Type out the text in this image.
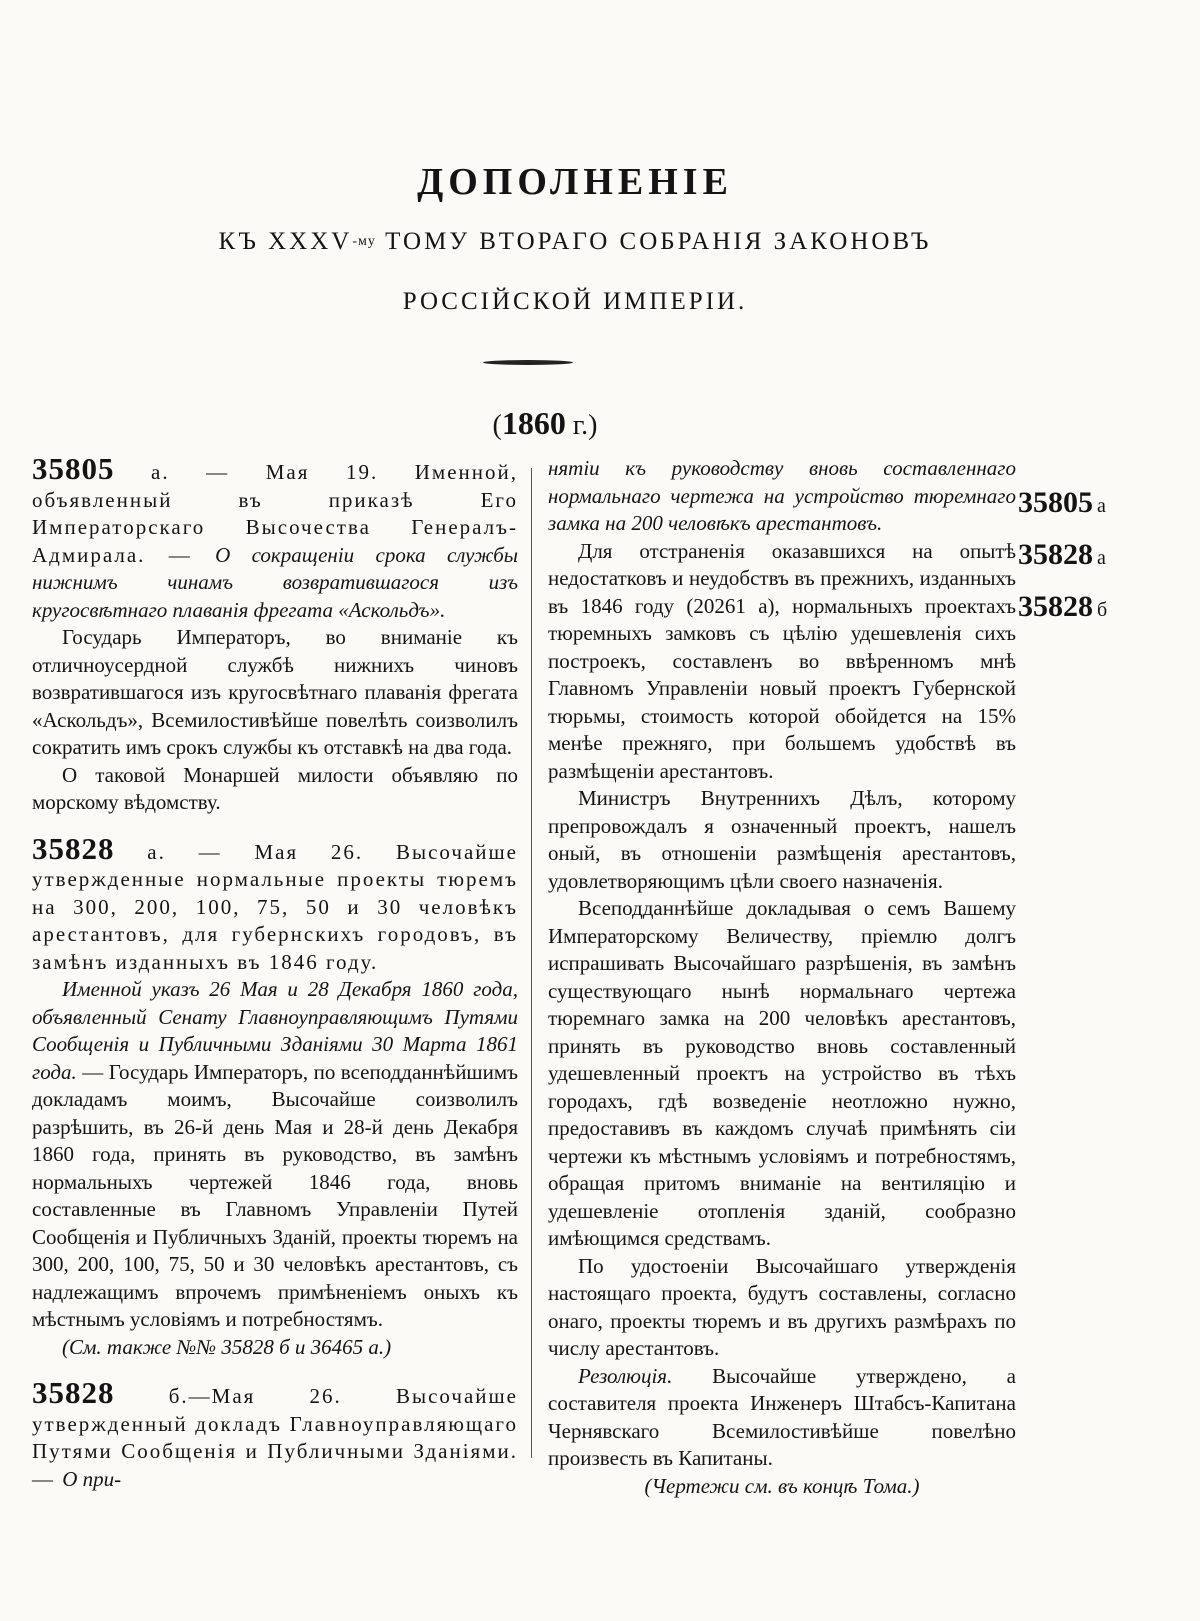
ДОПОЛНЕНІЕ
КЪ $XXXV^{-му}$ ТОМУ ВТОРАГО СОБРАНІЯ ЗАКОНОВЪ
РОССІЙСКОЙ ИМПЕРІИ.
(1860 г.)

35805 а. — Мая 19. Именной, объявленный въ приказѣ Его Императорскаго Высочества Генералъ-Адмирала. — О сокращеніи срока службы нижнимъ чинамъ возвратившагося изъ кругосвѣтнаго плаванія фрегата «Аскольдъ».

Государь Императоръ, во вниманіе къ отличноусердной службѣ нижнихъ чиновъ возвратившагося изъ кругосвѣтнаго плаванія фрегата «Аскольдъ», Всемилостивѣйше повелѣть соизволилъ сократить имъ срокъ службы къ отставкѣ на два года.

О таковой Монаршей милости объявляю по морскому вѣдомству.

35828 а. — Мая 26. Высочайше утвержденные нормальные проекты тюремъ на 300, 200, 100, 75, 50 и 30 человѣкъ арестантовъ, для губернскихъ городовъ, въ замѣнъ изданныхъ въ 1846 году.

Именной указъ 26 Мая и 28 Декабря 1860 года, объявленный Сенату Главноуправляющимъ Путями Сообщенія и Публичными Зданіями 30 Марта 1861 года. — Государь Императоръ, по всеподданнѣйшимъ докладамъ моимъ, Высочайше соизволилъ разрѣшить, въ 26-й день Мая и 28-й день Декабря 1860 года, принять въ руководство, въ замѣнъ нормальныхъ чертежей 1846 года, вновь составленные въ Главномъ Управленіи Путей Сообщенія и Публичныхъ Зданій, проекты тюремъ на 300, 200, 100, 75, 50 и 30 человѣкъ арестантовъ, съ надлежащимъ впрочемъ примѣненіемъ оныхъ къ мѣстнымъ условіямъ и потребностямъ.

(См. также №№ 35828 б и 36465 а.)

35828 б.—Мая 26. Высочайше утвержденный докладъ Главноуправляющаго Путями Сообщенія и Публичными Зданіями.— О при-

нятіи къ руководству вновь составленнаго нормальнаго чертежа на устройство тюремнаго замка на 200 человѣкъ арестантовъ.

Для отстраненія оказавшихся на опытѣ недостатковъ и неудобствъ въ прежнихъ, изданныхъ въ 1846 году (20261 а), нормальныхъ проектахъ тюремныхъ замковъ съ цѣлію удешевленія сихъ построекъ, составленъ во ввѣренномъ мнѣ Главномъ Управленіи новый проектъ Губернской тюрьмы, стоимость которой обойдется на 15% менѣе прежняго, при большемъ удобствѣ въ размѣщеніи арестантовъ.

Министръ Внутреннихъ Дѣлъ, которому препровождалъ я означенный проектъ, нашелъ оный, въ отношеніи размѣщенія арестантовъ, удовлетворяющимъ цѣли своего назначенія.

Всеподданнѣйше докладывая о семъ Вашему Императорскому Величеству, пріемлю долгъ испрашивать Высочайшаго разрѣшенія, въ замѣнъ существующаго нынѣ нормальнаго чертежа тюремнаго замка на 200 человѣкъ арестантовъ, принять въ руководство вновь составленный удешевленный проектъ на устройство въ тѣхъ городахъ, гдѣ возведеніе неотложно нужно, предоставивъ въ каждомъ случаѣ примѣнять сіи чертежи къ мѣстнымъ условіямъ и потребностямъ, обращая притомъ вниманіе на вентиляцію и удешевленіе отопленія зданій, сообразно имѣющимся средствамъ.

По удостоеніи Высочайшаго утвержденія настоящаго проекта, будутъ составлены, согласно онаго, проекты тюремъ и въ другихъ размѣрахъ по числу арестантовъ.

Резолюція. Высочайше утверждено, а составителя проекта Инженеръ Штабсъ-Капитана Чернявскаго Всемилостивѣйше повелѣно произвесть въ Капитаны.

(Чертежи см. въ концѣ Тома.)

35805 а
35828 а
35828 б
